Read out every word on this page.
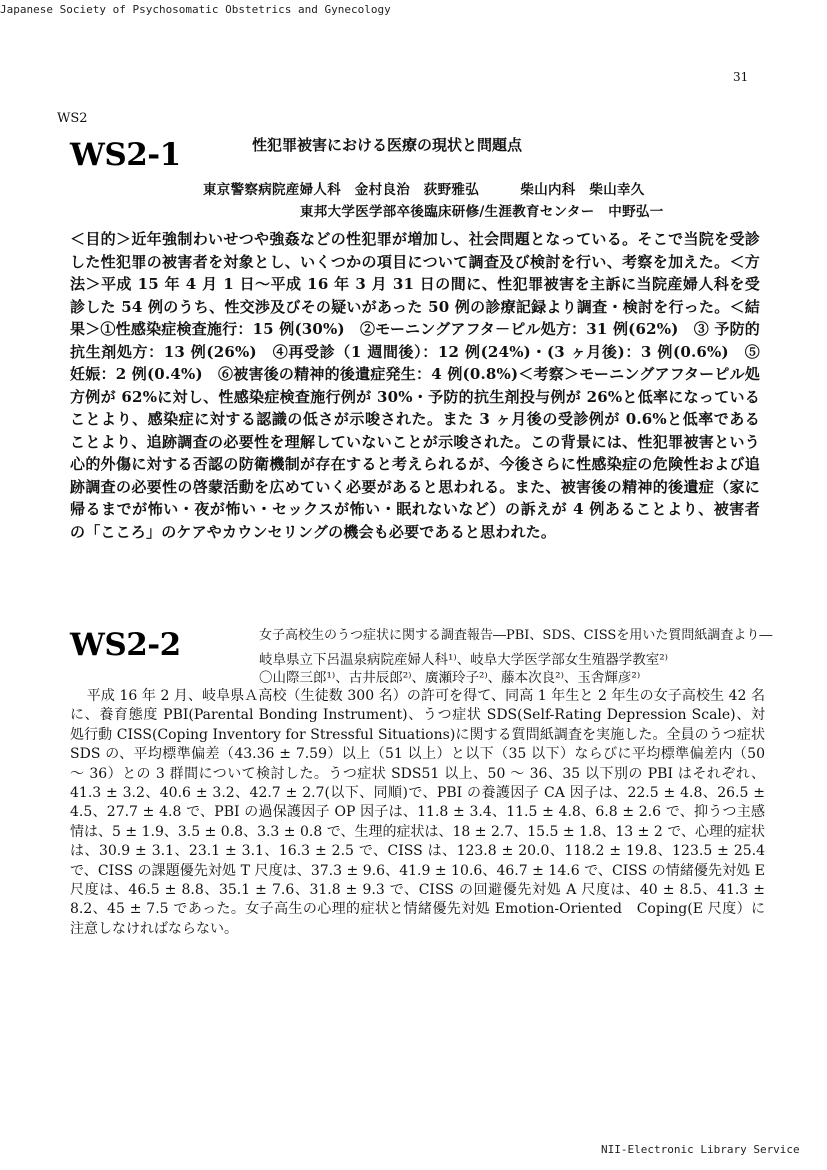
Japanese Society of Psychosomatic Obstetrics and Gynecology
31
WS2
WS2-1	性犯罪被害における医療の現状と問題点
東京警察病院産婦人科　金村良治　荻野雅弘　　　柴山内科　柴山幸久
東邦大学医学部卒後臨床研修/生涯教育センター　中野弘一

＜目的＞近年強制わいせつや強姦などの性犯罪が増加し、社会問題となっている。そこで当院を受診した性犯罪の被害者を対象とし、いくつかの項目について調査及び検討を行い、考察を加えた。＜方法＞平成 15 年 4 月 1 日〜平成 16 年 3 月 31 日の間に、性犯罪被害を主訴に当院産婦人科を受診した 54 例のうち、性交渉及びその疑いがあった 50 例の診療記録より調査・検討を行った。＜結果＞①性感染症検査施行：15 例(30%)　②モーニングアフタ－ピル処方：31 例(62%)　③ 予防的抗生剤処方：13 例(26%)　④再受診（1 週間後）：12 例(24%)・(3 ヶ月後)：3 例(0.6%)　⑤妊娠：2 例(0.4%)　⑥被害後の精神的後遺症発生：4 例(0.8%)＜考察＞モーニングアフターピル処方例が 62%に対し、性感染症検査施行例が 30%・予防的抗生剤投与例が 26%と低率になっていることより、感染症に対する認識の低さが示唆された。また 3 ヶ月後の受診例が 0.6%と低率であることより、追跡調査の必要性を理解していないことが示唆された。この背景には、性犯罪被害という心的外傷に対する否認の防衛機制が存在すると考えられるが、今後さらに性感染症の危険性および追跡調査の必要性の啓蒙活動を広めていく必要があると思われる。また、被害後の精神的後遺症（家に帰るまでが怖い・夜が怖い・セックスが怖い・眠れないなど）の訴えが 4 例あることより、被害者の「こころ」のケアやカウンセリングの機会も必要であると思われた。

WS2-2	女子高校生のうつ症状に関する調査報告―PBI、SDS、CISSを用いた質問紙調査より―
岐阜県立下呂温泉病院産婦人科¹⁾、岐阜大学医学部女生殖器学教室²⁾
〇山際三郎¹⁾、古井辰郎²⁾、廣瀬玲子²⁾、藤本次良²⁾、玉舎輝彦²⁾

平成 16 年 2 月、岐阜県Ａ高校（生徒数 300 名）の許可を得て、同高 1 年生と 2 年生の女子高校生 42 名に、養育態度 PBI(Parental Bonding Instrument)、うつ症状 SDS(Self-Rating Depression Scale)、対処行動 CISS(Coping Inventory for Stressful Situations)に関する質問紙調査を実施した。全員のうつ症状 SDS の、平均標準偏差（43.36 ± 7.59）以上（51 以上）と以下（35 以下）ならびに平均標準偏差内（50 〜 36）との 3 群間について検討した。うつ症状 SDS51 以上、50 〜 36、35 以下別の PBI はそれぞれ、41.3 ± 3.2、40.6 ± 3.2、42.7 ± 2.7(以下、同順)で、PBI の養護因子 CA 因子は、22.5 ± 4.8、26.5 ± 4.5、27.7 ± 4.8 で、PBI の過保護因子 OP 因子は、11.8 ± 3.4、11.5 ± 4.8、6.8 ± 2.6 で、抑うつ主感情は、5 ± 1.9、3.5 ± 0.8、3.3 ± 0.8 で、生理的症状は、18 ± 2.7、15.5 ± 1.8、13 ± 2 で、心理的症状は、30.9 ± 3.1、23.1 ± 3.1、16.3 ± 2.5 で、CISS は、123.8 ± 20.0、118.2 ± 19.8、123.5 ± 25.4 で、CISS の課題優先対処 T 尺度は、37.3 ± 9.6、41.9 ± 10.6、46.7 ± 14.6 で、CISS の情緒優先対処 E 尺度は、46.5 ± 8.8、35.1 ± 7.6、31.8 ± 9.3 で、CISS の回避優先対処 A 尺度は、40 ± 8.5、41.3 ± 8.2、45 ± 7.5 であった。女子高生の心理的症状と情緒優先対処 Emotion-Oriented　Coping(E 尺度）に注意しなければならない。

NII-Electronic Library Service
